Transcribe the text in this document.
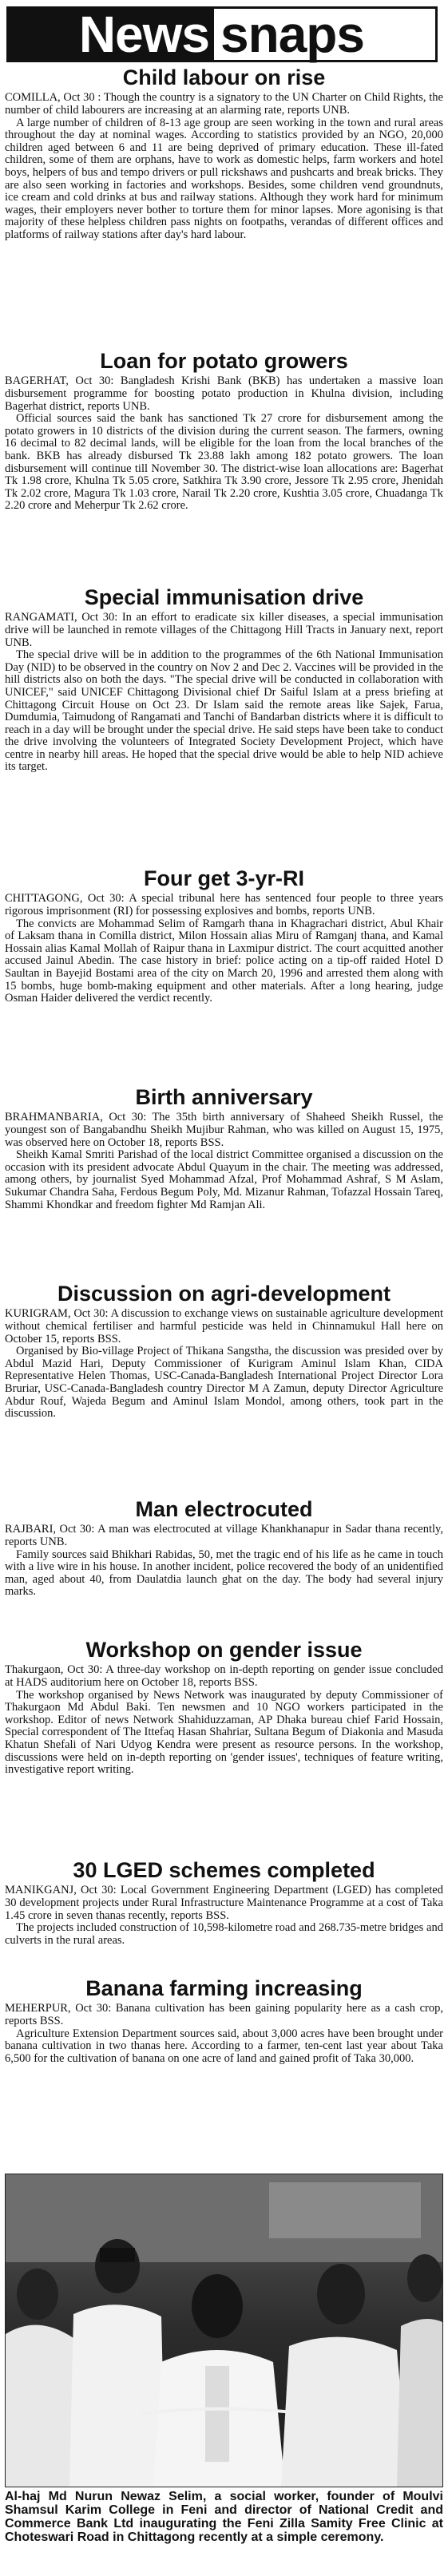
News snaps
Child labour on rise

COMILLA, Oct 30 : Though the country is a signatory to the UN Charter on Child Rights, the number of child labourers are increasing at an alarming rate, reports UNB.

A large number of children of 8-13 age group are seen working in the town and rural areas throughout the day at nominal wages. According to statistics provided by an NGO, 20,000 children aged between 6 and 11 are being deprived of primary education. These ill-fated children, some of them are orphans, have to work as domestic helps, farm workers and hotel boys, helpers of bus and tempo drivers or pull rickshaws and pushcarts and break bricks. They are also seen working in factories and workshops. Besides, some children vend groundnuts, ice cream and cold drinks at bus and railway stations. Although they work hard for minimum wages, their employers never bother to torture them for minor lapses. More agonising is that majority of these helpless children pass nights on footpaths, verandas of different offices and platforms of railway stations after day's hard labour.

Loan for potato growers

BAGERHAT, Oct 30: Bangladesh Krishi Bank (BKB) has undertaken a massive loan disbursement programme for boosting potato production in Khulna division, including Bagerhat district, reports UNB.

Official sources said the bank has sanctioned Tk 27 crore for disbursement among the potato growers in 10 districts of the division during the current season. The farmers, owning 16 decimal to 82 decimal lands, will be eligible for the loan from the local branches of the bank. BKB has already disbursed Tk 23.88 lakh among 182 potato growers. The loan disbursement will continue till November 30. The district-wise loan allocations are: Bagerhat Tk 1.98 crore, Khulna Tk 5.05 crore, Satkhira Tk 3.90 crore, Jessore Tk 2.95 crore, Jhenidah Tk 2.02 crore, Magura Tk 1.03 crore, Narail Tk 2.20 crore, Kushtia 3.05 crore, Chuadanga Tk 2.20 crore and Meherpur Tk 2.62 crore.

Special immunisation drive

RANGAMATI, Oct 30: In an effort to eradicate six killer diseases, a special immunisation drive will be launched in remote villages of the Chittagong Hill Tracts in January next, report UNB.

The special drive will be in addition to the programmes of the 6th National Immunisation Day (NID) to be observed in the country on Nov 2 and Dec 2. Vaccines will be provided in the hill districts also on both the days. "The special drive will be conducted in collaboration with UNICEF," said UNICEF Chittagong Divisional chief Dr Saiful Islam at a press briefing at Chittagong Circuit House on Oct 23. Dr Islam said the remote areas like Sajek, Farua, Dumdumia, Taimudong of Rangamati and Tanchi of Bandarban districts where it is difficult to reach in a day will be brought under the special drive. He said steps have been take to conduct the drive involving the volunteers of Integrated Society Development Project, which have centre in nearby hill areas. He hoped that the special drive would be able to help NID achieve its target.

Four get 3-yr-RI

CHITTAGONG, Oct 30: A special tribunal here has sentenced four people to three years rigorous imprisonment (RI) for possessing explosives and bombs, reports UNB.

The convicts are Mohammad Selim of Ramgarh thana in Khagrachari district, Abul Khair of Laksam thana in Comilla district, Milon Hossain alias Miru of Ramganj thana, and Kamal Hossain alias Kamal Mollah of Raipur thana in Laxmipur district. The court acquitted another accused Jainul Abedin. The case history in brief: police acting on a tip-off raided Hotel D Saultan in Bayejid Bostami area of the city on March 20, 1996 and arrested them along with 15 bombs, huge bomb-making equipment and other materials. After a long hearing, judge Osman Haider delivered the verdict recently.

Birth anniversary

BRAHMANBARIA, Oct 30: The 35th birth anniversary of Shaheed Sheikh Russel, the youngest son of Bangabandhu Sheikh Mujibur Rahman, who was killed on August 15, 1975, was observed here on October 18, reports BSS.

Sheikh Kamal Smriti Parishad of the local district Committee organised a discussion on the occasion with its president advocate Abdul Quayum in the chair. The meeting was addressed, among others, by journalist Syed Mohammad Afzal, Prof Mohammad Ashraf, S M Aslam, Sukumar Chandra Saha, Ferdous Begum Poly, Md. Mizanur Rahman, Tofazzal Hossain Tareq, Shammi Khondkar and freedom fighter Md Ramjan Ali.

Discussion on agri-development

KURIGRAM, Oct 30: A discussion to exchange views on sustainable agriculture development without chemical fertiliser and harmful pesticide was held in Chinnamukul Hall here on October 15, reports BSS.

Organised by Bio-village Project of Thikana Sangstha, the discussion was presided over by Abdul Mazid Hari, Deputy Commissioner of Kurigram Aminul Islam Khan, CIDA Representative Helen Thomas, USC-Canada-Bangladesh International Project Director Lora Bruriar, USC-Canada-Bangladesh country Director M A Zamun, deputy Director Agriculture Abdur Rouf, Wajeda Begum and Aminul Islam Mondol, among others, took part in the discussion.

Man electrocuted

RAJBARI, Oct 30: A man was electrocuted at village Khankhanapur in Sadar thana recently, reports UNB.

Family sources said Bhikhari Rabidas, 50, met the tragic end of his life as he came in touch with a live wire in his house. In another incident, police recovered the body of an unidentified man, aged about 40, from Daulatdia launch ghat on the day. The body had several injury marks.

Workshop on gender issue

Thakurgaon, Oct 30: A three-day workshop on in-depth reporting on gender issue concluded at HADS auditorium here on October 18, reports BSS.

The workshop organised by News Network was inaugurated by deputy Commissioner of Thakurgaon Md Abdul Baki. Ten newsmen and 10 NGO workers participated in the workshop. Editor of news Network Shahiduzzaman, AP Dhaka bureau chief Farid Hossain, Special correspondent of The Ittefaq Hasan Shahriar, Sultana Begum of Diakonia and Masuda Khatun Shefali of Nari Udyog Kendra were present as resource persons. In the workshop, discussions were held on in-depth reporting on 'gender issues', techniques of feature writing, investigative report writing.

30 LGED schemes completed

MANIKGANJ, Oct 30: Local Government Engineering Department (LGED) has completed 30 development projects under Rural Infrastructure Maintenance Programme at a cost of Taka 1.45 crore in seven thanas recently, reports BSS.

The projects included construction of 10,598-kilometre road and 268.735-metre bridges and culverts in the rural areas.

Banana farming increasing

MEHERPUR, Oct 30: Banana cultivation has been gaining popularity here as a cash crop, reports BSS.

Agriculture Extension Department sources said, about 3,000 acres have been brought under banana cultivation in two thanas here. According to a farmer, ten-cent last year about Taka 6,500 for the cultivation of banana on one acre of land and gained profit of Taka 30,000.

Al-haj Md Nurun Newaz Selim, a social worker, founder of Moulvi Shamsul Karim College in Feni and director of National Credit and Commerce Bank Ltd inaugurating the Feni Zilla Samity Free Clinic at Choteswari Road in Chittagong recently at a simple ceremony.
